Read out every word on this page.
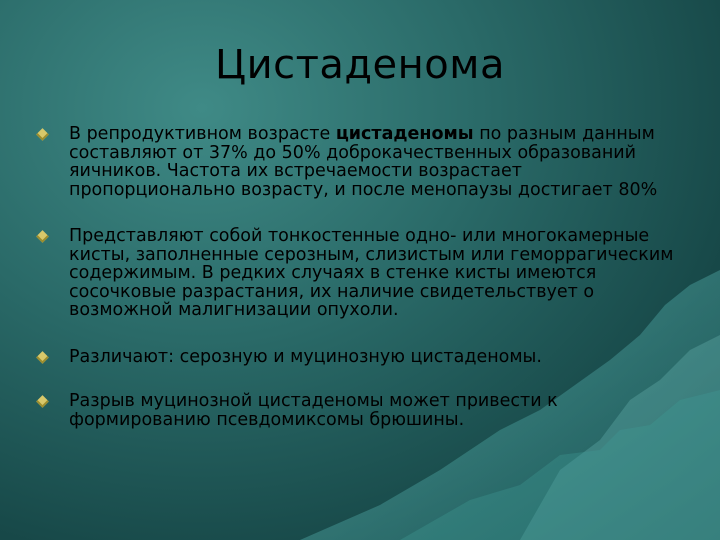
Цистаденома
В репродуктивном возрасте цистаденомы по разным данным составляют от 37% до 50% доброкачественных образований яичников. Частота их встречаемости возрастает пропорционально возрасту, и после менопаузы достигает 80%
Представляют собой тонкостенные одно- или многокамерные кисты, заполненные серозным, слизистым или геморрагическим содержимым. В редких случаях в стенке кисты имеются сосочковые разрастания, их наличие свидетельствует о возможной малигнизации опухоли.
Различают: серозную и муцинозную цистаденомы.
Разрыв муцинозной цистаденомы может привести к формированию псевдомиксомы брюшины.
